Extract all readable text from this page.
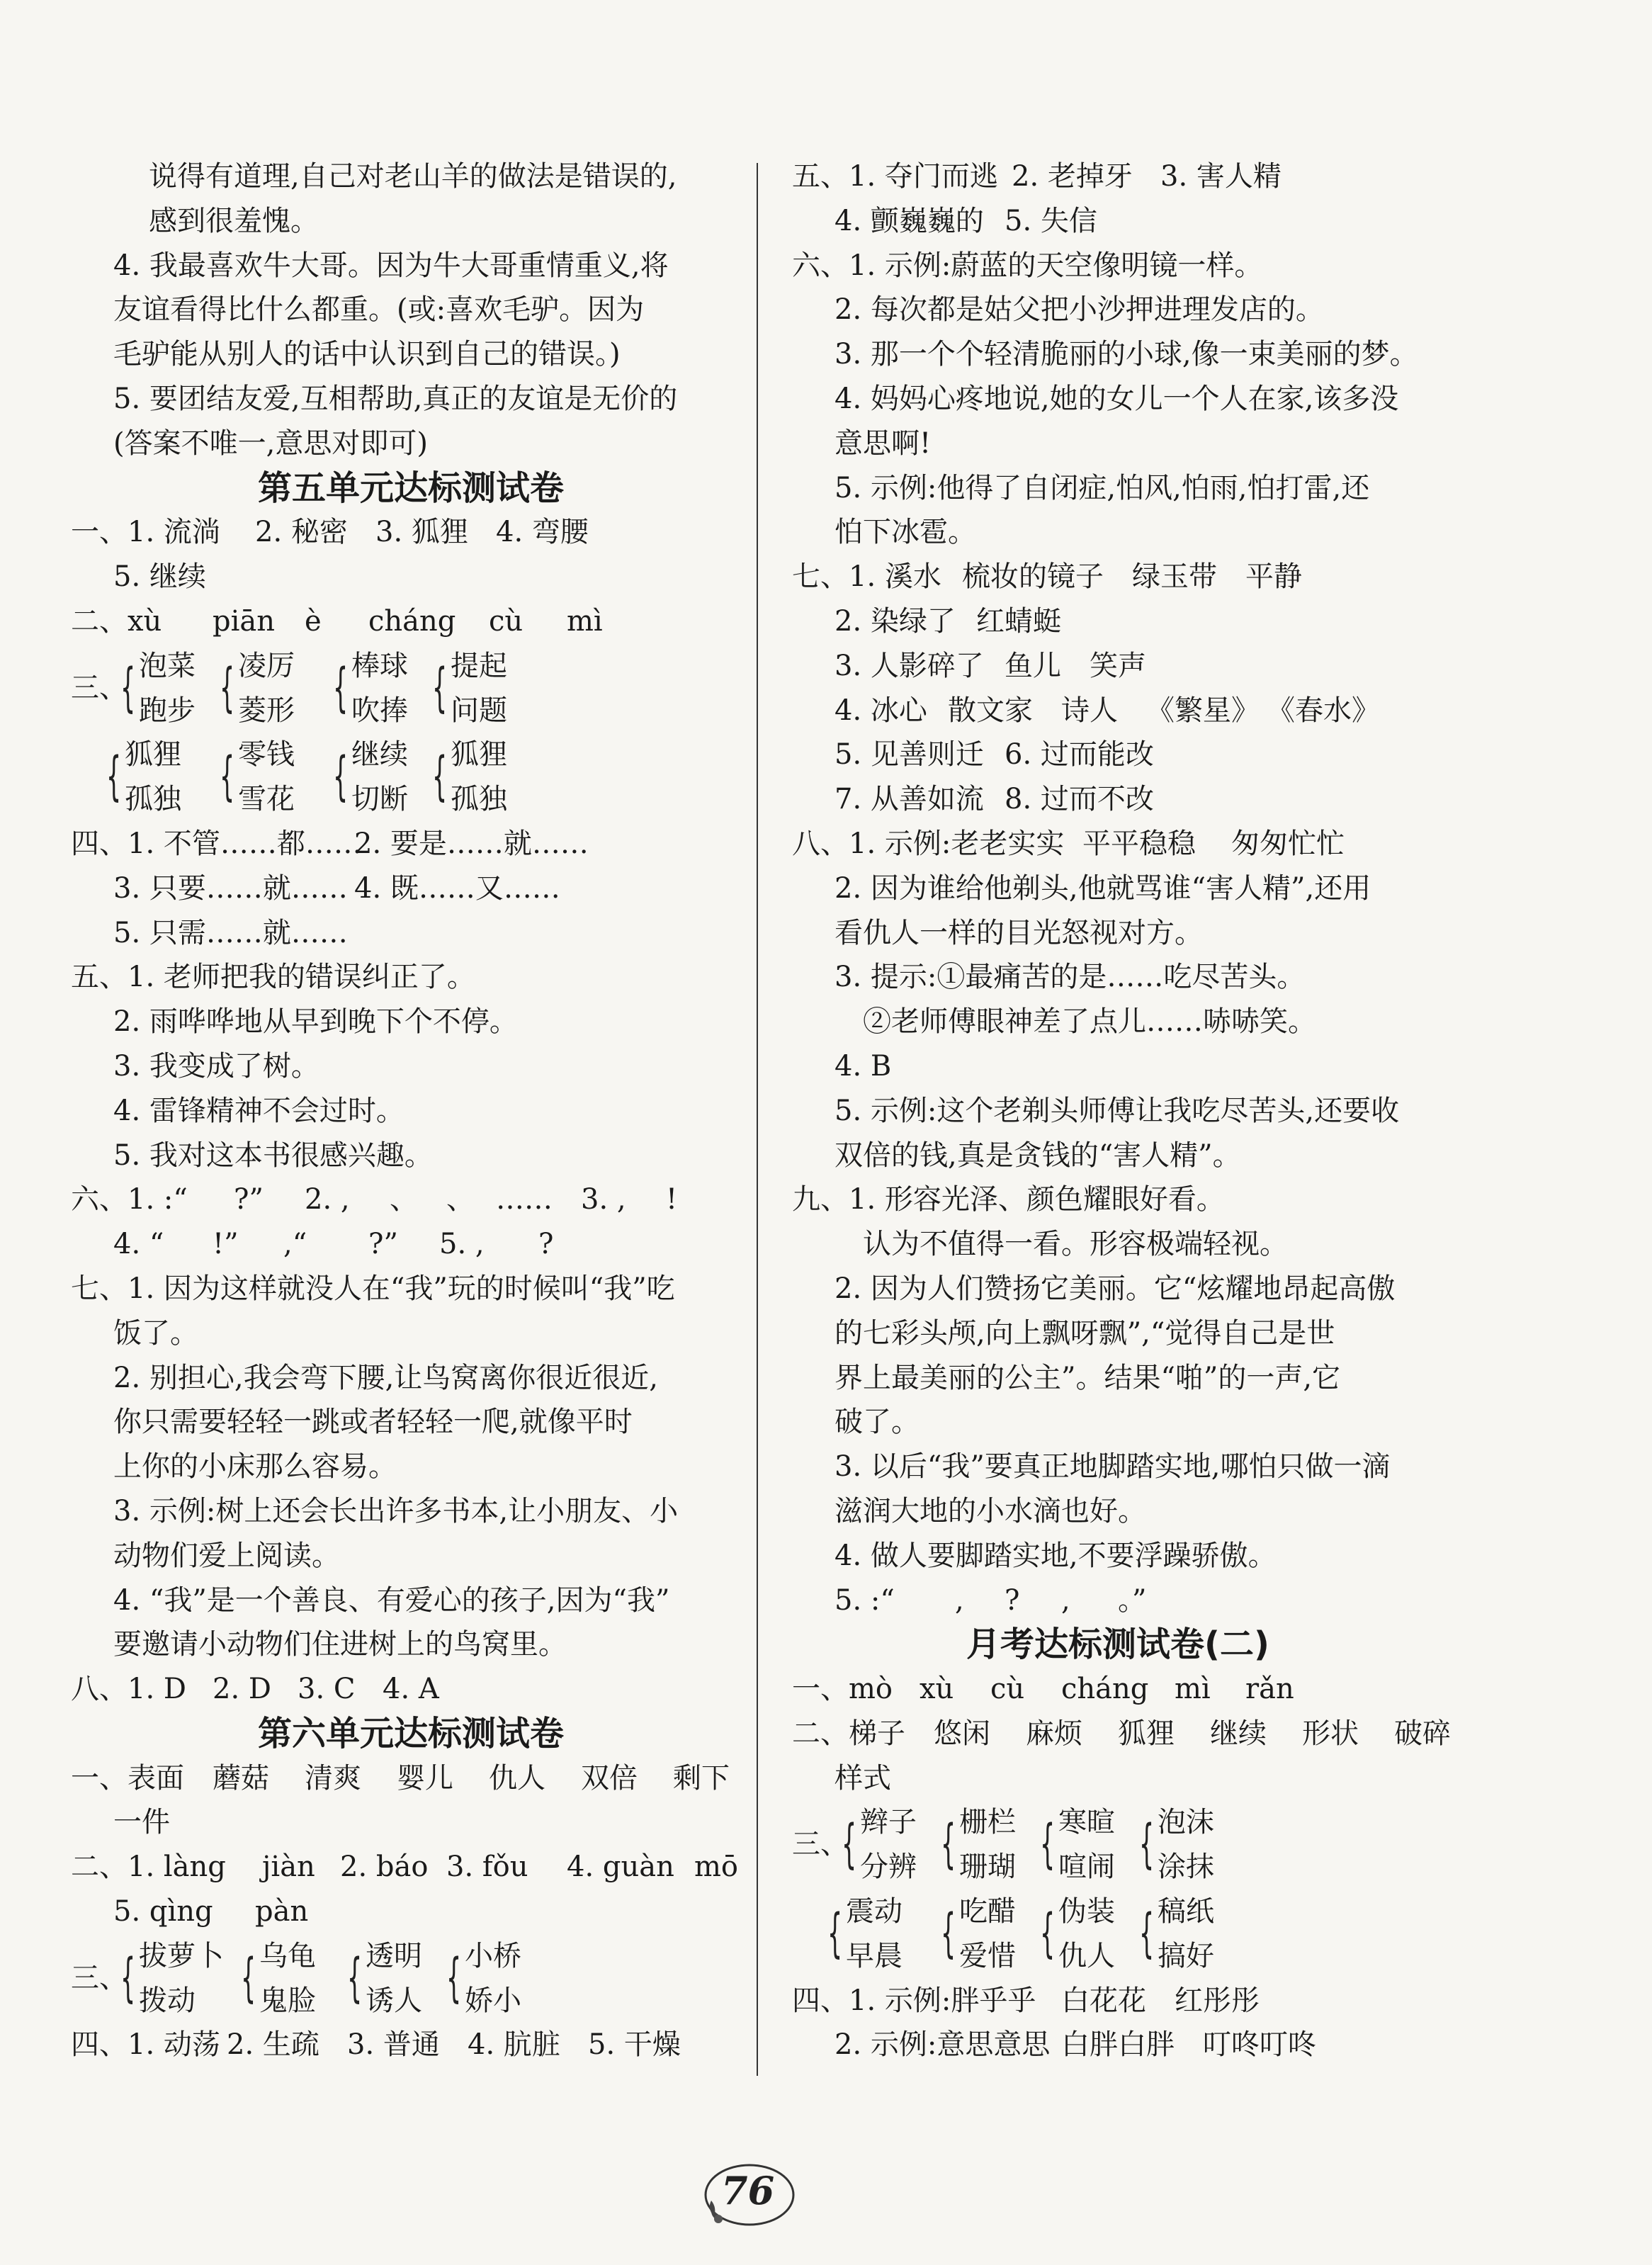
说得有道理,自己对老山羊的做法是错误的,
感到很羞愧。
4. 我最喜欢牛大哥。因为牛大哥重情重义,将
友谊看得比什么都重。(或:喜欢毛驴。因为
毛驴能从别人的话中认识到自己的错误。)
5. 要团结友爱,互相帮助,真正的友谊是无价的
(答案不唯一,意思对即可)
第五单元达标测试卷
一、1. 流淌 2. 秘密 3. 狐狸 4. 弯腰
5. 继续
二、xù piān è cháng cù mì
三、
{ 泡菜 { 凌厉 { 棒球 { 提起
跑步 菱形 吹捧 问题
{ 狐狸 { 零钱 { 继续 { 狐狸
孤独 雪花 切断 孤独
四、1. 不管……都……
2. 要是……就……
3. 只要……就…… 4. 既……又……
5. 只需……就……
五、1. 老师把我的错误纠正了。
2. 雨哗哗地从早到晚下个不停。
3. 我变成了树。
4. 雷锋精神不会过时。
5. 我对这本书很感兴趣。
六、1. :“ ?” 2. , 、 、 …… 3. , !
4. “ !” ,“ ?” 5. , ?
七、1. 因为这样就没人在“我”玩的时候叫“我”吃
饭了。
2. 别担心,我会弯下腰,让鸟窝离你很近很近,
你只需要轻轻一跳或者轻轻一爬,就像平时
上你的小床那么容易。
3. 示例:树上还会长出许多书本,让小朋友、小
动物们爱上阅读。
4. “我”是一个善良、有爱心的孩子,因为“我”
要邀请小动物们住进树上的鸟窝里。
八、1. D 2. D 3. C 4. A
第六单元达标测试卷
一、表面 蘑菇 清爽 婴儿 仇人 双倍 剩下
一件
二、1. làng jiàn 2. báo 3. fǒu 4. guàn mō
5. qìng pàn
三、
{ 拔萝卜 { 乌龟 { 透明 { 小桥
拨动 鬼脸 诱人 娇小
四、1. 动荡 2. 生疏 3. 普通 4. 肮脏 5. 干燥
五、1. 夺门而逃 2. 老掉牙 3. 害人精
4. 颤巍巍的 5. 失信
六、1. 示例:蔚蓝的天空像明镜一样。
2. 每次都是姑父把小沙押进理发店的。
3. 那一个个轻清脆丽的小球,像一束美丽的梦。
4. 妈妈心疼地说,她的女儿一个人在家,该多没
意思啊!
5. 示例:他得了自闭症,怕风,怕雨,怕打雷,还
怕下冰雹。
七、1. 溪水 梳妆的镜子 绿玉带 平静
2. 染绿了 红蜻蜓
3. 人影碎了 鱼儿 笑声
4. 冰心 散文家 诗人 《繁星》 《春水》
5. 见善则迁 6. 过而能改
7. 从善如流 8. 过而不改
八、1. 示例:老老实实 平平稳稳 匆匆忙忙
2. 因为谁给他剃头,他就骂谁“害人精”,还用
看仇人一样的目光怒视对方。
3. 提示:①最痛苦的是……吃尽苦头。
②老师傅眼神差了点儿……哧哧笑。
4. B
5. 示例:这个老剃头师傅让我吃尽苦头,还要收
双倍的钱,真是贪钱的“害人精”。
九、1. 形容光泽、颜色耀眼好看。
认为不值得一看。形容极端轻视。
2. 因为人们赞扬它美丽。它“炫耀地昂起高傲
的七彩头颅,向上飘呀飘”,“觉得自己是世
界上最美丽的公主”。结果“啪”的一声,它
破了。
3. 以后“我”要真正地脚踏实地,哪怕只做一滴
滋润大地的小水滴也好。
4. 做人要脚踏实地,不要浮躁骄傲。
5. :“ , ? , 。”
月考达标测试卷(二)
一、mò xù cù cháng mì rǎn
二、梯子 悠闲 麻烦 狐狸 继续 形状 破碎
样式
三、
{ 辫子 { 栅栏 { 寒暄 { 泡沫
分辨 珊瑚 喧闹 涂抹
{ 震动 { 吃醋 { 伪装 { 稿纸
早晨 爱惜 仇人 搞好
四、1. 示例:胖乎乎 白花花 红彤彤
2. 示例:意思意思 白胖白胖 叮咚叮咚
76
